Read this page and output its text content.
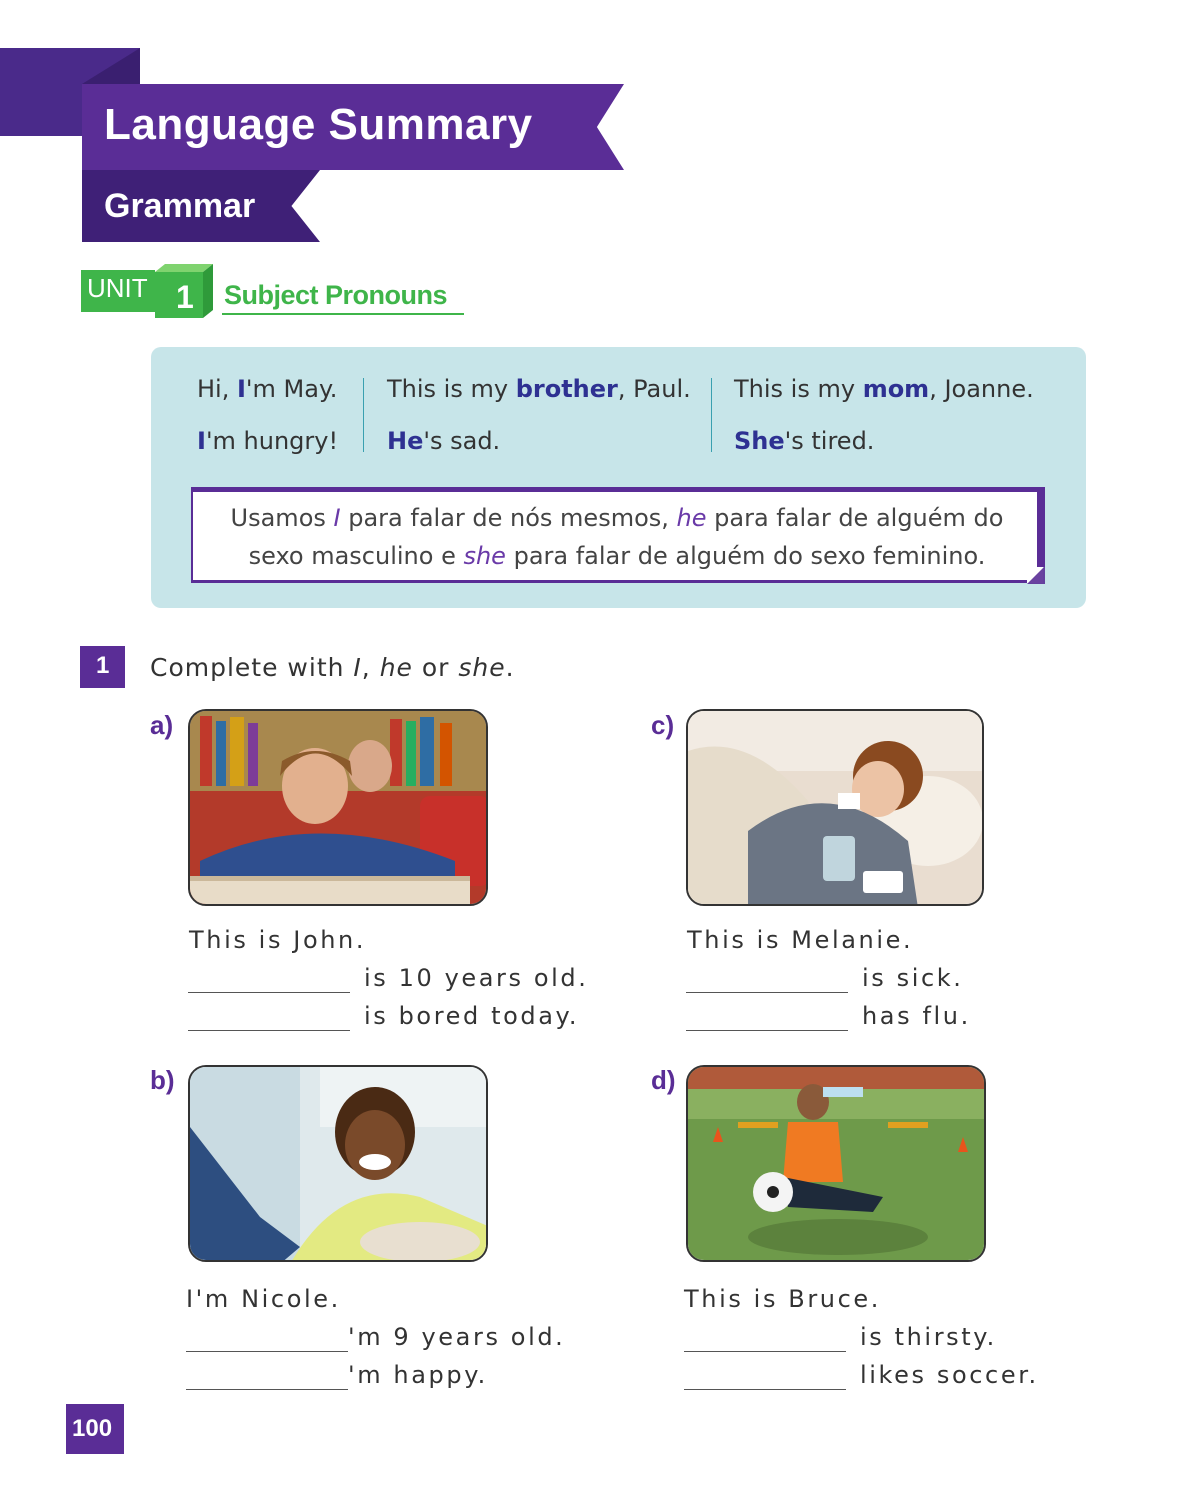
Language Summary
Grammar
UNIT 1 Subject Pronouns
Hi, I'm May.
I'm hungry!
This is my brother, Paul.
He's sad.
This is my mom, Joanne.
She's tired.
Usamos I para falar de nós mesmos, he para falar de alguém do
sexo masculino e she para falar de alguém do sexo feminino.
1 Complete with I, he or she.
a)
This is John.
is 10 years old.
is bored today.
b)
I'm Nicole.
'm 9 years old.
'm happy.
c)
This is Melanie.
is sick.
has flu.
d)
This is Bruce.
is thirsty.
likes soccer.
100
